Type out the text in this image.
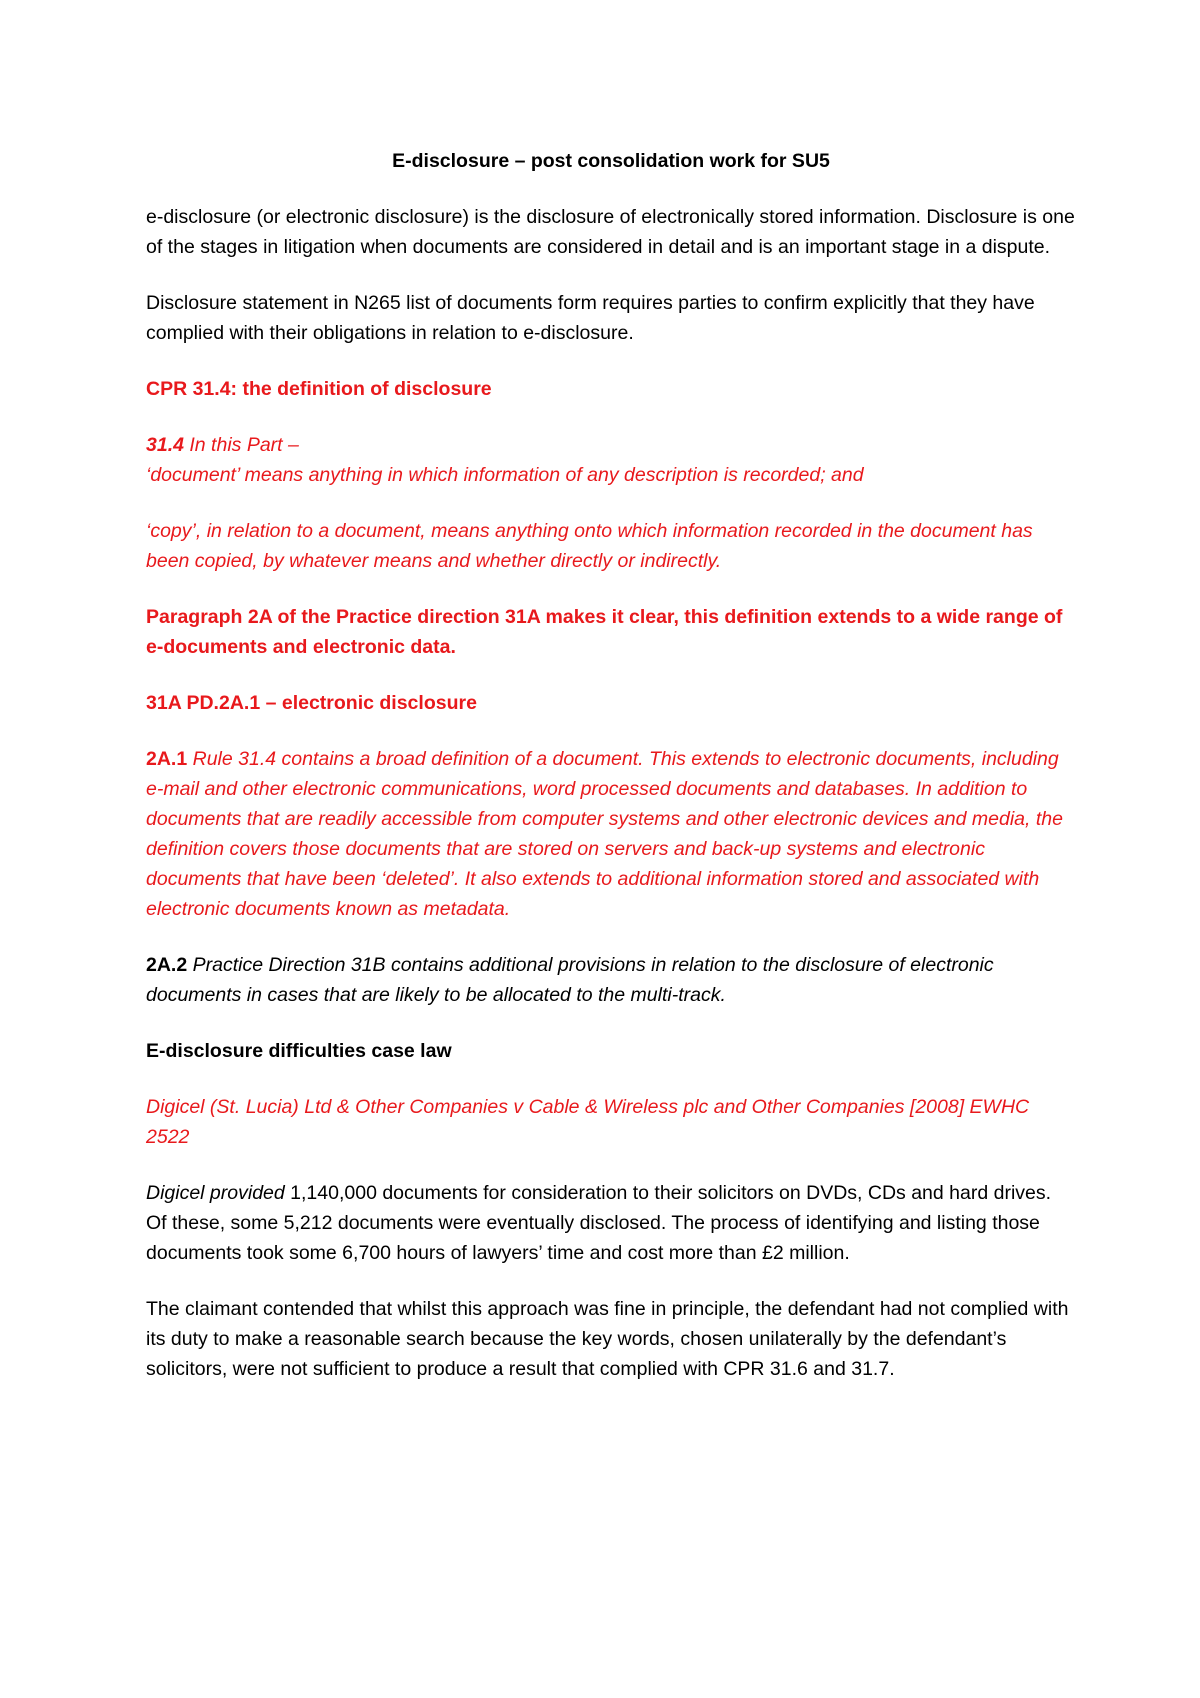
E-disclosure – post consolidation work for SU5

e-disclosure (or electronic disclosure) is the disclosure of electronically stored information. Disclosure is one of the stages in litigation when documents are considered in detail and is an important stage in a dispute.

Disclosure statement in N265 list of documents form requires parties to confirm explicitly that they have complied with their obligations in relation to e-disclosure.

CPR 31.4: the definition of disclosure

31.4 In this Part –

‘document’ means anything in which information of any description is recorded; and

‘copy’, in relation to a document, means anything onto which information recorded in the document has been copied, by whatever means and whether directly or indirectly.

Paragraph 2A of the Practice direction 31A makes it clear, this definition extends to a wide range of e-documents and electronic data.

31A PD.2A.1 – electronic disclosure

2A.1 Rule 31.4 contains a broad definition of a document. This extends to electronic documents, including e-mail and other electronic communications, word processed documents and databases. In addition to documents that are readily accessible from computer systems and other electronic devices and media, the definition covers those documents that are stored on servers and back-up systems and electronic documents that have been ‘deleted’. It also extends to additional information stored and associated with electronic documents known as metadata.

2A.2 Practice Direction 31B contains additional provisions in relation to the disclosure of electronic documents in cases that are likely to be allocated to the multi-track.

E-disclosure difficulties case law

Digicel (St. Lucia) Ltd & Other Companies v Cable & Wireless plc and Other Companies [2008] EWHC 2522

Digicel provided 1,140,000 documents for consideration to their solicitors on DVDs, CDs and hard drives. Of these, some 5,212 documents were eventually disclosed. The process of identifying and listing those documents took some 6,700 hours of lawyers’ time and cost more than £2 million.

The claimant contended that whilst this approach was fine in principle, the defendant had not complied with its duty to make a reasonable search because the key words, chosen unilaterally by the defendant’s solicitors, were not sufficient to produce a result that complied with CPR 31.6 and 31.7.
